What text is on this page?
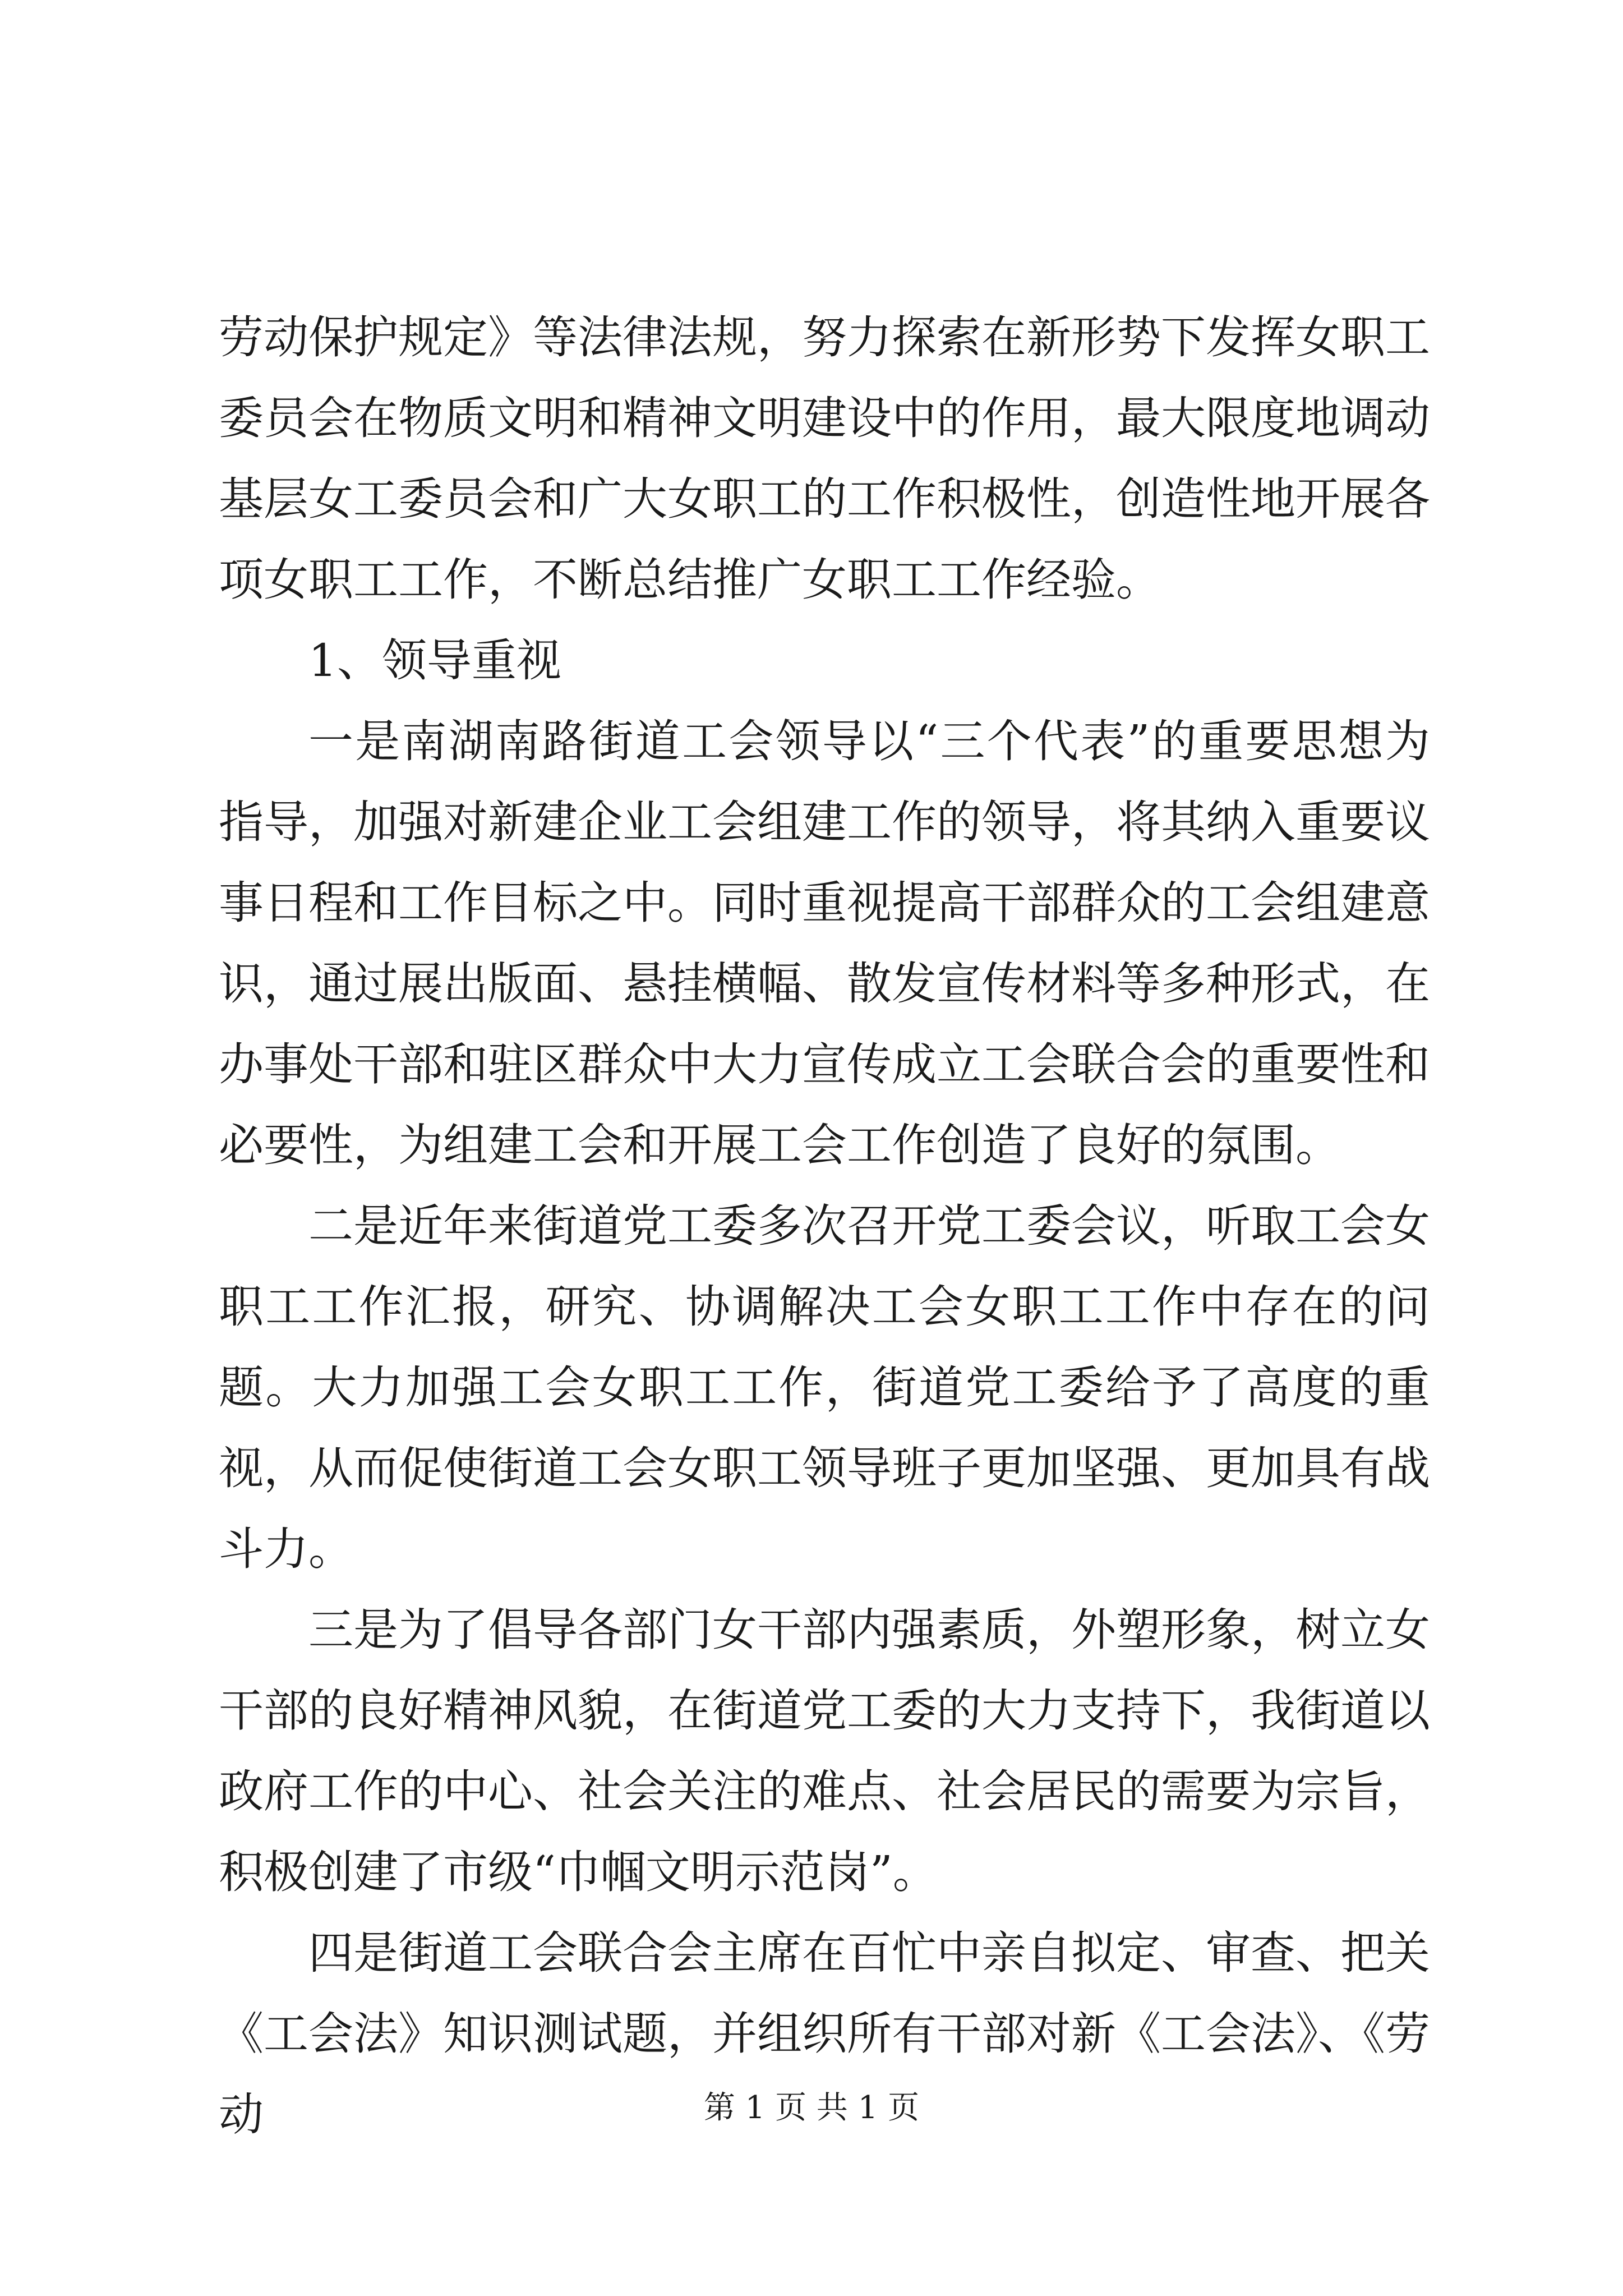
劳动保护规定》等法律法规，努力探索在新形势下发挥女职工委员会在物质文明和精神文明建设中的作用，最大限度地调动基层女工委员会和广大女职工的工作积极性，创造性地开展各项女职工工作，不断总结推广女职工工作经验。

1、领导重视

一是南湖南路街道工会领导以“三个代表”的重要思想为指导，加强对新建企业工会组建工作的领导，将其纳入重要议事日程和工作目标之中。同时重视提高干部群众的工会组建意识，通过展出版面、悬挂横幅、散发宣传材料等多种形式，在办事处干部和驻区群众中大力宣传成立工会联合会的重要性和必要性，为组建工会和开展工会工作创造了良好的氛围。

二是近年来街道党工委多次召开党工委会议，听取工会女职工工作汇报，研究、协调解决工会女职工工作中存在的问题。大力加强工会女职工工作，街道党工委给予了高度的重视，从而促使街道工会女职工领导班子更加坚强、更加具有战斗力。

三是为了倡导各部门女干部内强素质，外塑形象，树立女干部的良好精神风貌，在街道党工委的大力支持下，我街道以政府工作的中心、社会关注的难点、社会居民的需要为宗旨，积极创建了市级“巾帼文明示范岗”。

四是街道工会联合会主席在百忙中亲自拟定、审查、把关《工会法》知识测试题，并组织所有干部对新《工会法》、《劳动	第 1 页 共 1 页
